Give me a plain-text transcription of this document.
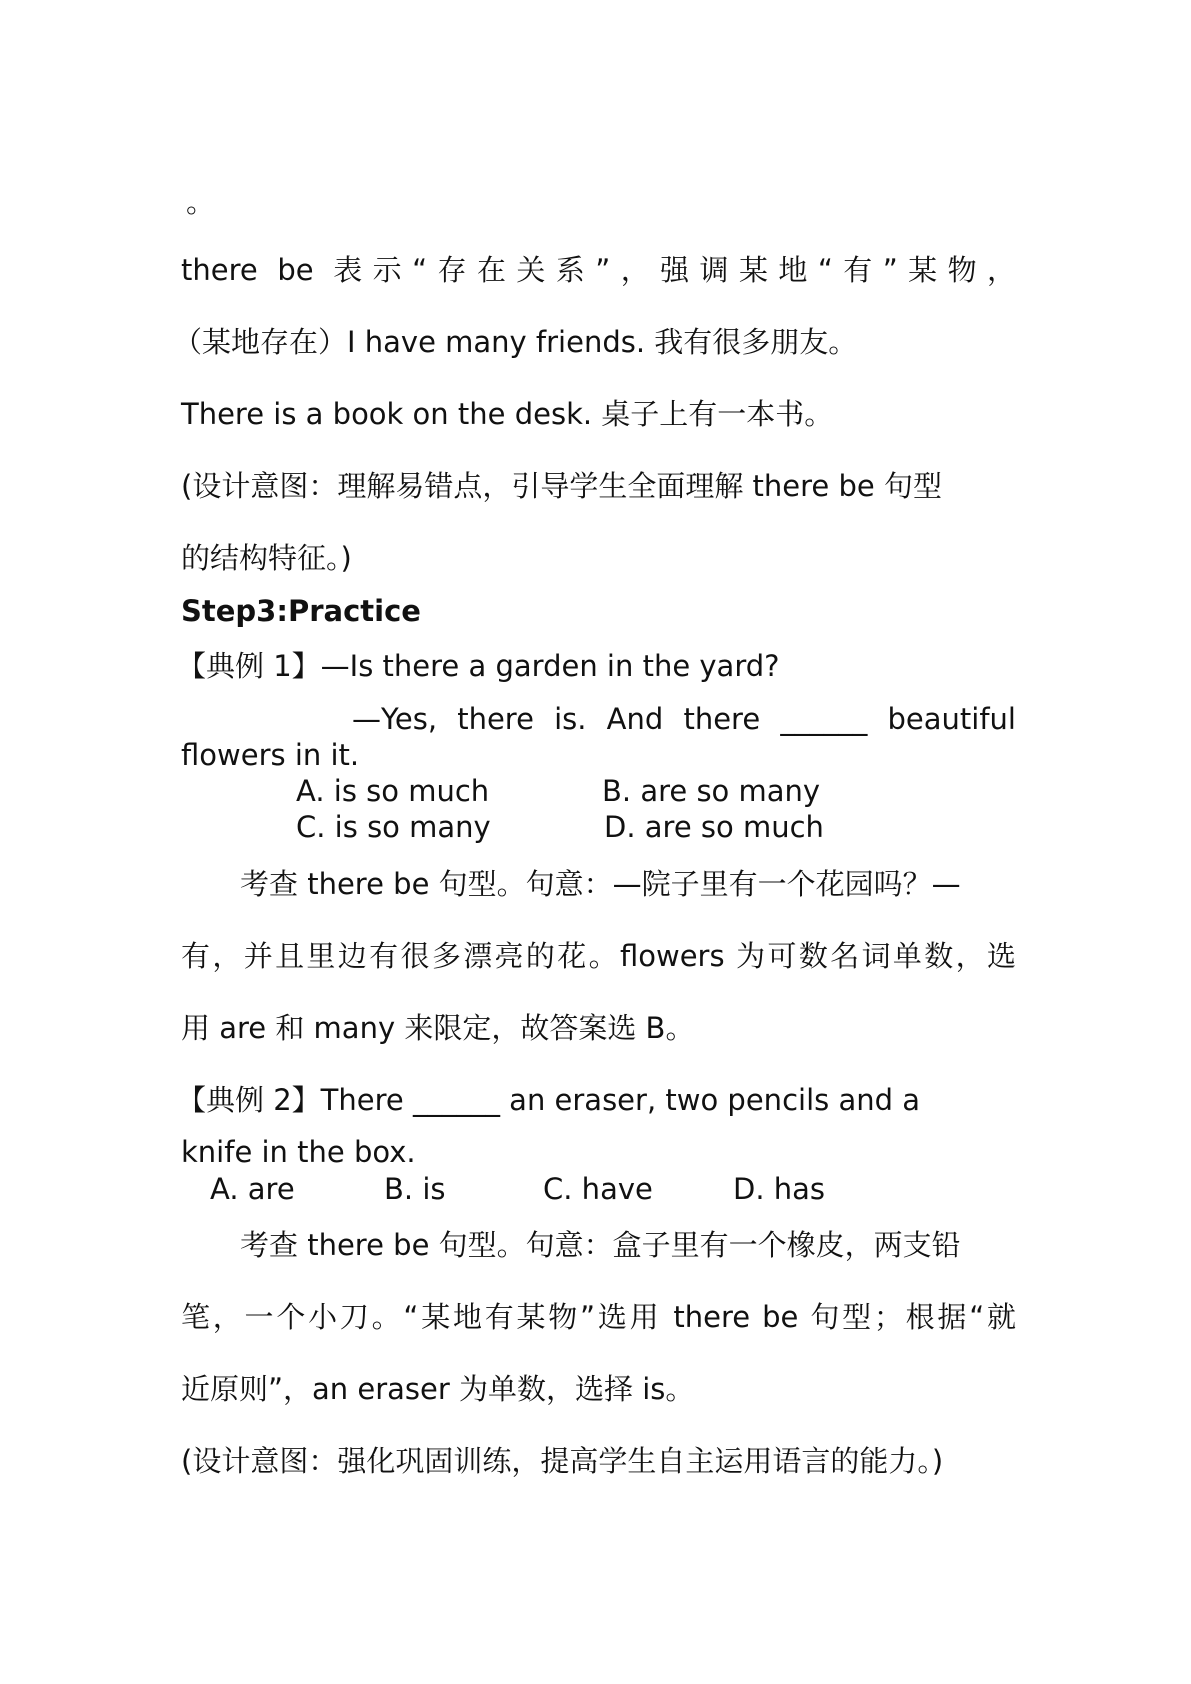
。
there be 表示“存在关系”，强调某地“有”某物，
（某地存在）I have many friends. 我有很多朋友。
There is a book on the desk. 桌子上有一本书。
(设计意图：理解易错点，引导学生全面理解 there be 句型
的结构特征。)
Step3:Practice
【典例 1】—Is there a garden in the yard?
—Yes, there is. And there ______ beautiful
flowers in it.
A. is so much	B. are so many
C. is so many	D. are so much
考查 there be 句型。句意：—院子里有一个花园吗？—
有，并且里边有很多漂亮的花。flowers 为可数名词单数，选
用 are 和 many 来限定，故答案选 B。
【典例 2】There ______ an eraser, two pencils and a
knife in the box.
A. are	B. is	C. have	D. has
考查 there be 句型。句意：盒子里有一个橡皮，两支铅
笔，一个小刀。“某地有某物”选用 there be 句型；根据“就
近原则”，an eraser 为单数，选择 is。
(设计意图：强化巩固训练，提高学生自主运用语言的能力。)
